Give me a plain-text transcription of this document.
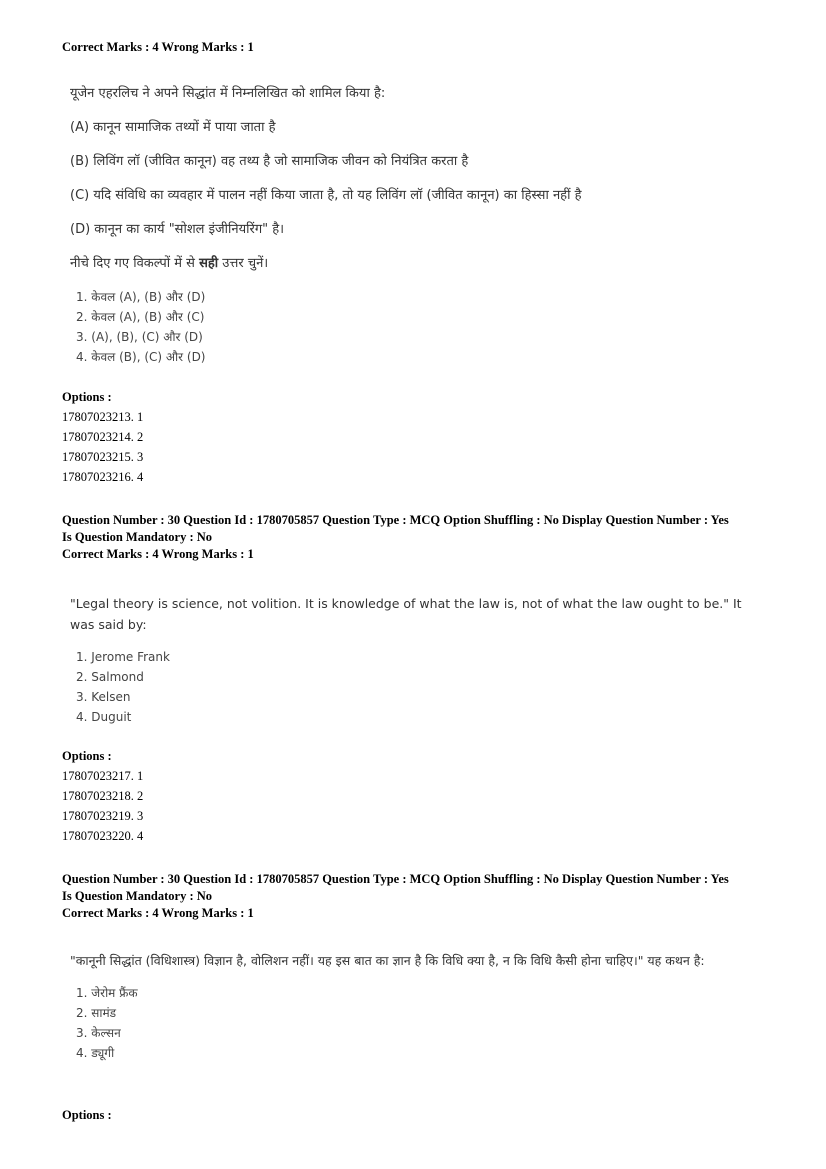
Correct Marks : 4 Wrong Marks : 1
यूजेन एहरलिच ने अपने सिद्धांत में निम्नलिखित को शामिल किया है:
(A) कानून सामाजिक तथ्यों में पाया जाता है
(B) लिविंग लॉ (जीवित कानून) वह तथ्य है जो सामाजिक जीवन को नियंत्रित करता है
(C) यदि संविधि का व्यवहार में पालन नहीं किया जाता है, तो यह लिविंग लॉ (जीवित कानून) का हिस्सा नहीं है
(D) कानून का कार्य "सोशल इंजीनियरिंग" है।
नीचे दिए गए विकल्पों में से सही उत्तर चुनें।
1. केवल (A), (B) और (D)
2. केवल (A), (B) और (C)
3. (A), (B), (C) और (D)
4. केवल (B), (C) और (D)
Options :
17807023213. 1
17807023214. 2
17807023215. 3
17807023216. 4
Question Number : 30 Question Id : 1780705857 Question Type : MCQ Option Shuffling : No Display Question Number : Yes
Is Question Mandatory : No
Correct Marks : 4 Wrong Marks : 1
"Legal theory is science, not volition. It is knowledge of what the law is, not of what the law ought to be." It was said by:
1. Jerome Frank
2. Salmond
3. Kelsen
4. Duguit
Options :
17807023217. 1
17807023218. 2
17807023219. 3
17807023220. 4
Question Number : 30 Question Id : 1780705857 Question Type : MCQ Option Shuffling : No Display Question Number : Yes
Is Question Mandatory : No
Correct Marks : 4 Wrong Marks : 1
"कानूनी सिद्धांत (विधिशास्त्र) विज्ञान है, वोलिशन नहीं। यह इस बात का ज्ञान है कि विधि क्या है, न कि विधि कैसी होना चाहिए।" यह कथन है:
1. जेरोम फ्रैंक
2. सामंड
3. केल्सन
4. ड्यूगी
Options :
